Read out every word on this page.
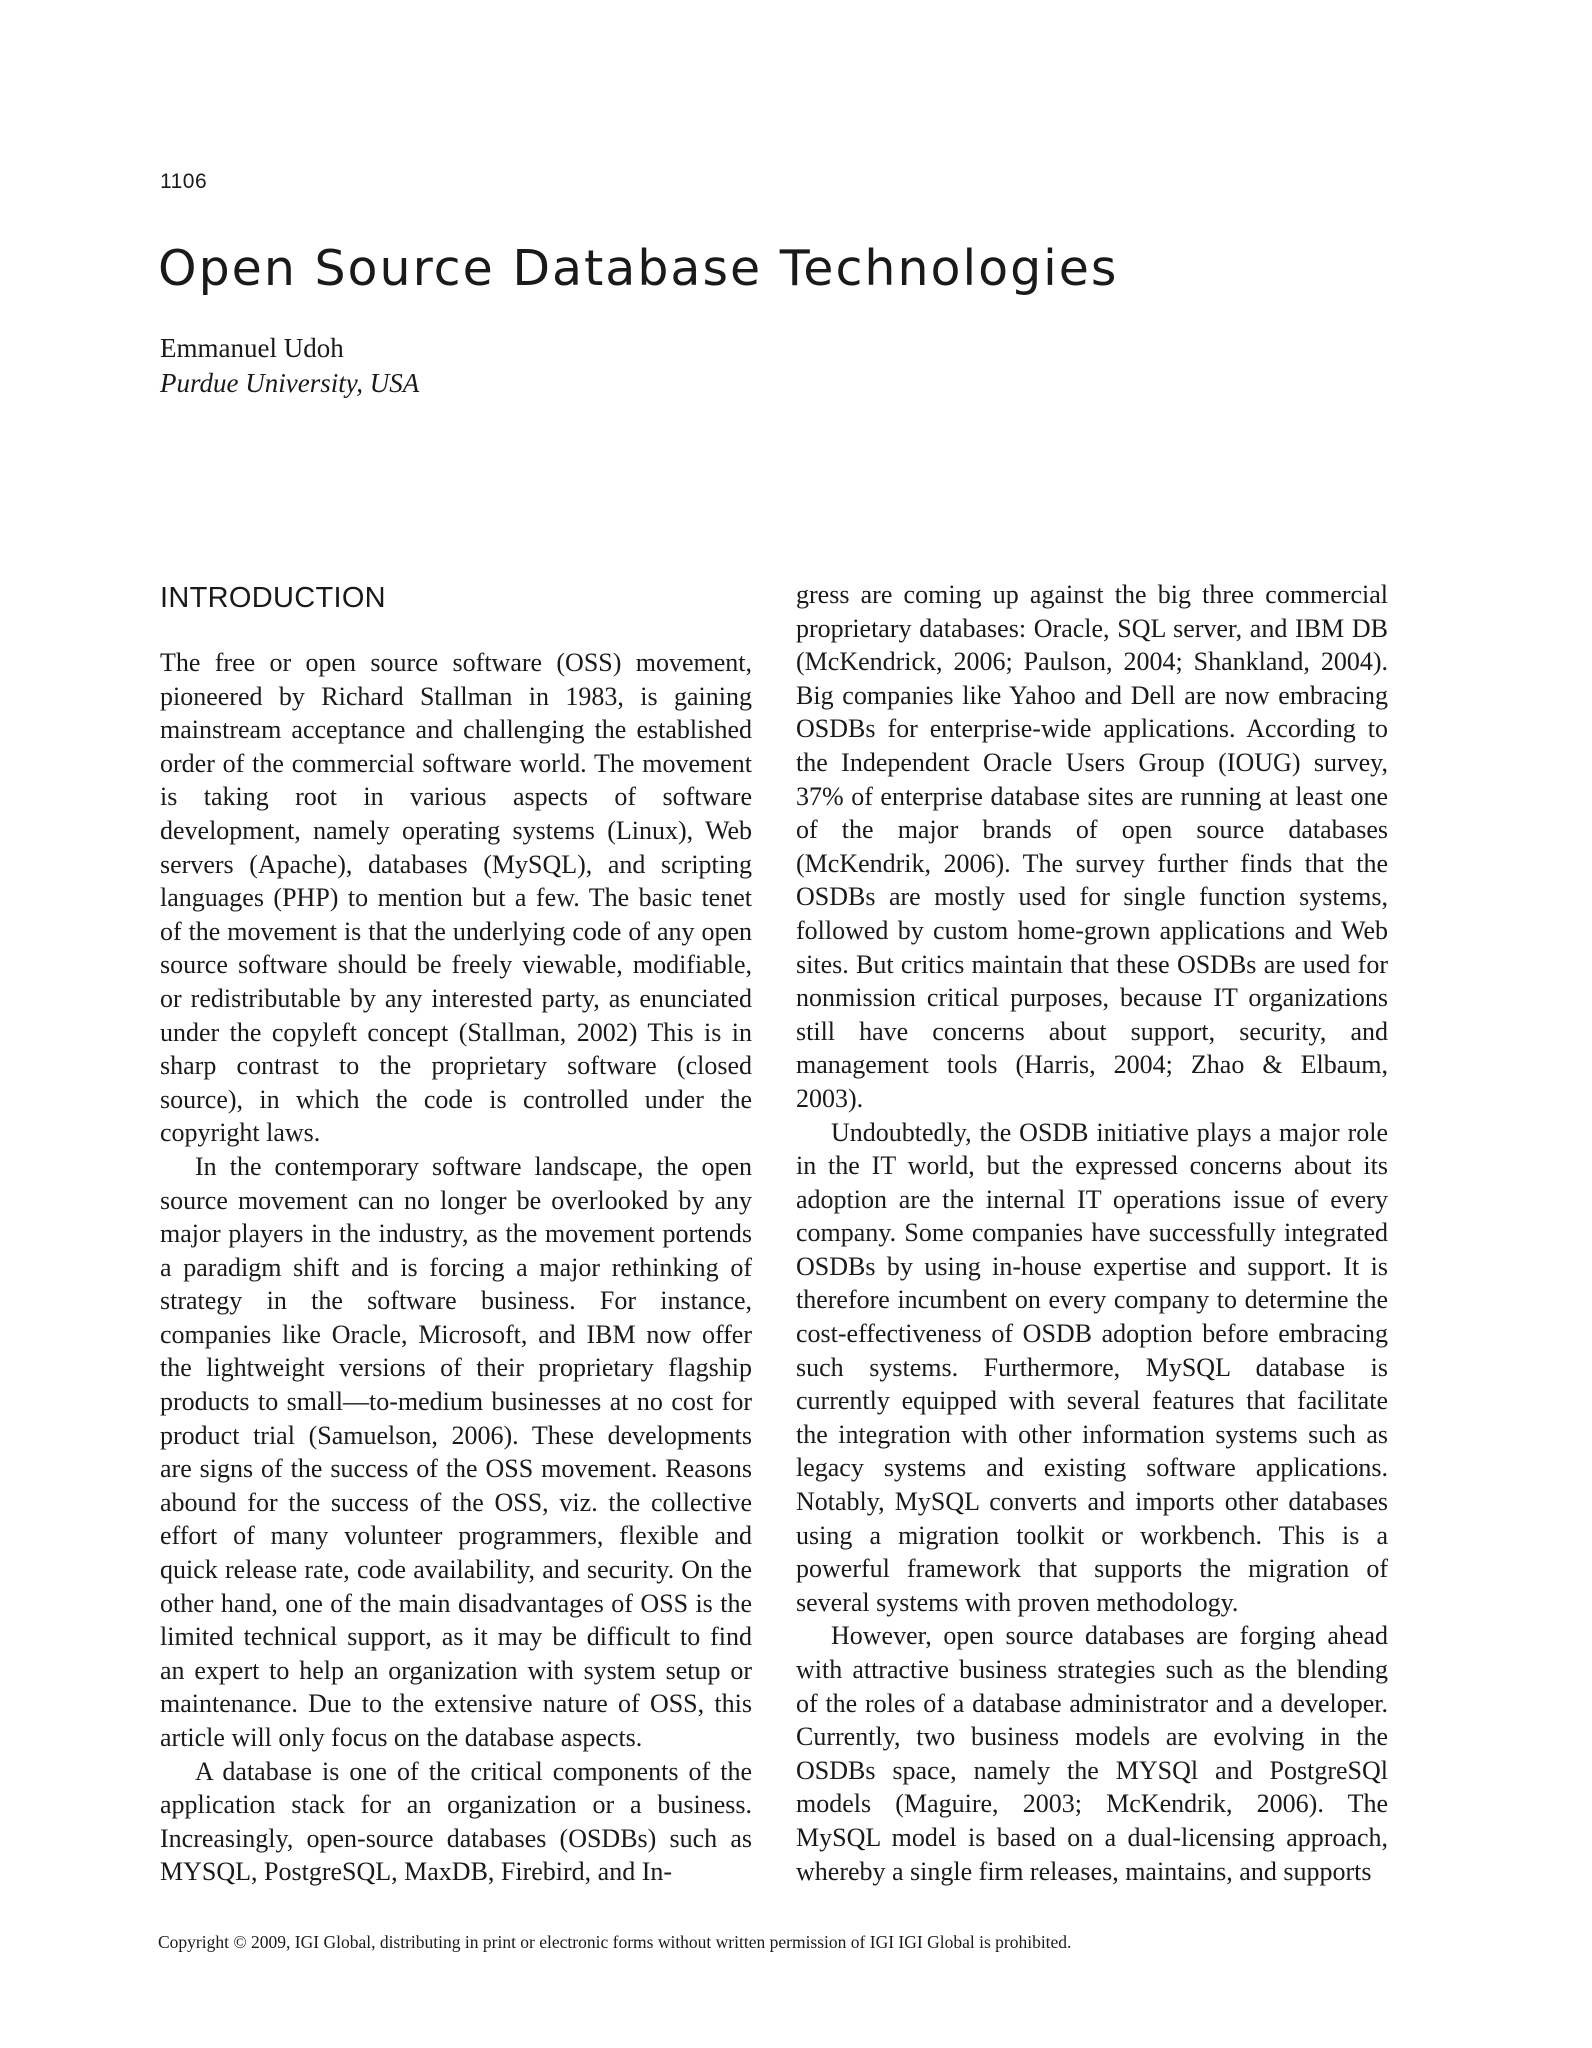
1106
Open Source Database Technologies
Emmanuel Udoh
Purdue University, USA
INTRODUCTION

The free or open source software (OSS) movement, pioneered by Richard Stallman in 1983, is gaining mainstream acceptance and challenging the established order of the commercial software world. The movement is taking root in various aspects of software development, namely operating systems (Linux), Web servers (Apache), databases (MySQL), and scripting languages (PHP) to mention but a few. The basic tenet of the movement is that the underlying code of any open source software should be freely viewable, modifiable, or redistributable by any interested party, as enunciated under the copyleft concept (Stallman, 2002) This is in sharp contrast to the proprietary software (closed source), in which the code is controlled under the copyright laws.

In the contemporary software landscape, the open source movement can no longer be overlooked by any major players in the industry, as the movement portends a paradigm shift and is forcing a major rethinking of strategy in the software business. For instance, companies like Oracle, Microsoft, and IBM now offer the lightweight versions of their proprietary flagship products to small—to-medium businesses at no cost for product trial (Samuelson, 2006). These developments are signs of the success of the OSS movement. Reasons abound for the success of the OSS, viz. the collective effort of many volunteer programmers, flexible and quick release rate, code availability, and security. On the other hand, one of the main disadvantages of OSS is the limited technical support, as it may be difficult to find an expert to help an organization with system setup or maintenance. Due to the extensive nature of OSS, this article will only focus on the database aspects.

A database is one of the critical components of the application stack for an organization or a business. Increasingly, open-source databases (OSDBs) such as MYSQL, PostgreSQL, MaxDB, Firebird, and In-

gress are coming up against the big three commercial proprietary databases: Oracle, SQL server, and IBM DB (McKendrick, 2006; Paulson, 2004; Shankland, 2004). Big companies like Yahoo and Dell are now embracing OSDBs for enterprise-wide applications. According to the Independent Oracle Users Group (IOUG) survey, 37% of enterprise database sites are running at least one of the major brands of open source databases (McKendrik, 2006). The survey further finds that the OSDBs are mostly used for single function systems, followed by custom home-grown applications and Web sites. But critics maintain that these OSDBs are used for nonmission critical purposes, because IT organizations still have concerns about support, security, and management tools (Harris, 2004; Zhao & Elbaum, 2003).

Undoubtedly, the OSDB initiative plays a major role in the IT world, but the expressed concerns about its adoption are the internal IT operations issue of every company. Some companies have successfully integrated OSDBs by using in-house expertise and support. It is therefore incumbent on every company to determine the cost-effectiveness of OSDB adoption before embracing such systems. Furthermore, MySQL database is currently equipped with several features that facilitate the integration with other information systems such as legacy systems and existing software applications. Notably, MySQL converts and imports other databases using a migration toolkit or workbench. This is a powerful framework that supports the migration of several systems with proven methodology.

However, open source databases are forging ahead with attractive business strategies such as the blending of the roles of a database administrator and a developer. Currently, two business models are evolving in the OSDBs space, namely the MYSQl and PostgreSQl models (Maguire, 2003; McKendrik, 2006). The MySQL model is based on a dual-licensing approach, whereby a single firm releases, maintains, and supports

Copyright © 2009, IGI Global, distributing in print or electronic forms without written permission of IGI IGI Global is prohibited.
